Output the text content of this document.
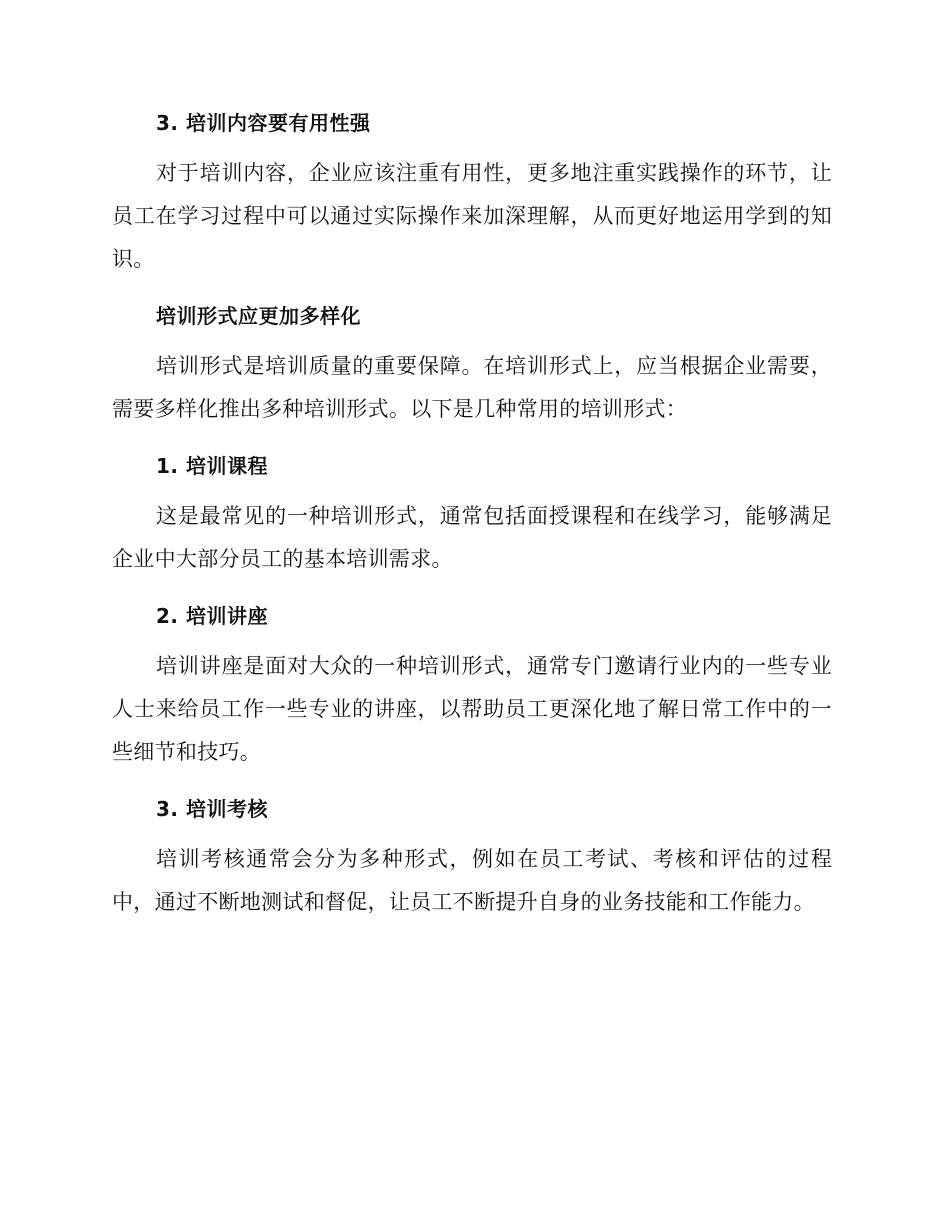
3. 培训内容要有用性强

对于培训内容，企业应该注重有用性，更多地注重实践操作的环节，让员工在学习过程中可以通过实际操作来加深理解，从而更好地运用学到的知识。

培训形式应更加多样化

培训形式是培训质量的重要保障。在培训形式上，应当根据企业需要，需要多样化推出多种培训形式。以下是几种常用的培训形式：

1. 培训课程

这是最常见的一种培训形式，通常包括面授课程和在线学习，能够满足企业中大部分员工的基本培训需求。

2. 培训讲座

培训讲座是面对大众的一种培训形式，通常专门邀请行业内的一些专业人士来给员工作一些专业的讲座，以帮助员工更深化地了解日常工作中的一些细节和技巧。

3. 培训考核

培训考核通常会分为多种形式，例如在员工考试、考核和评估的过程中，通过不断地测试和督促，让员工不断提升自身的业务技能和工作能力。
